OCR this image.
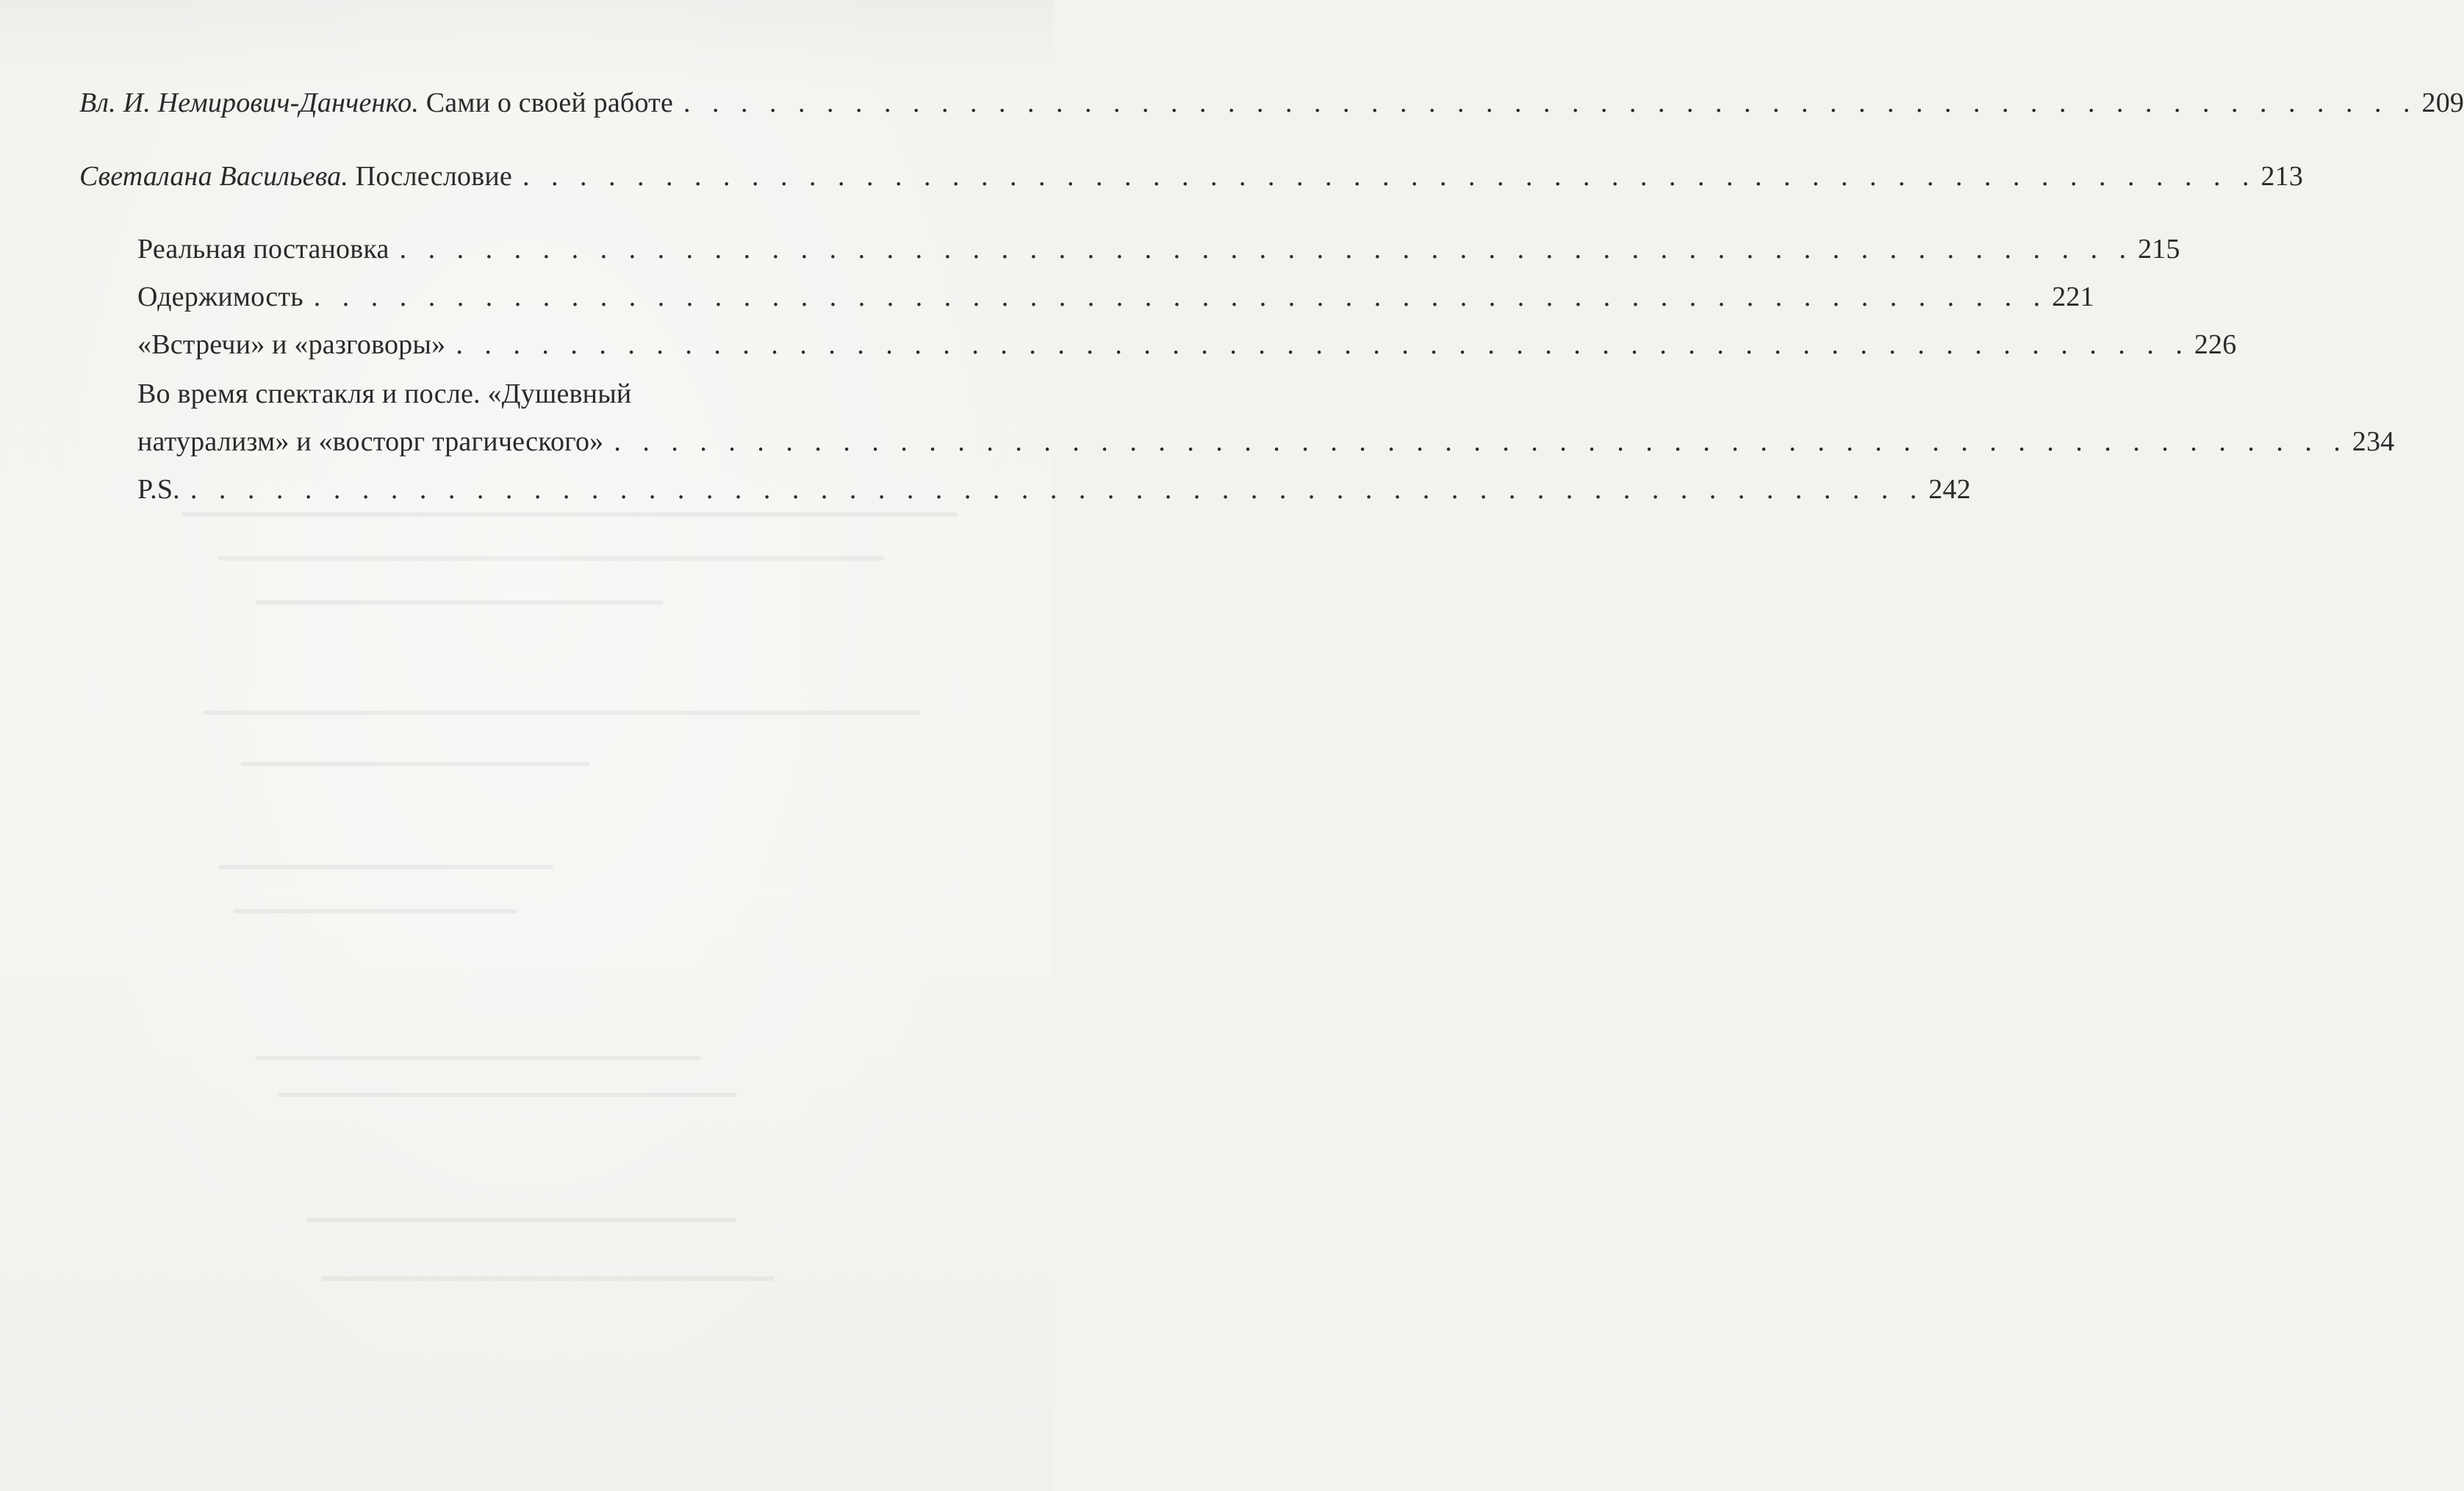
Вл. И. Немирович-Данченко. Сами о своей работе . . . . . . . . . . . . . . . . . . . . . . . . . . . . . . . . . . . . . . . . . . . . . . . . . . . . . . . . . . . . . 209
Светалана Васильева. Послесловие . . . . . . . . . . . . . . . . . . . . . . . . . . . . . . . . . . . . . . . . . . . . . . . . . . . . . . . . . . . . . 213
Реальная постановка . . . . . . . . . . . . . . . . . . . . . . . . . . . . . . . . . . . . . . . . . . . . . . . . . . . . . . . . . . . . . 215
Одержимость . . . . . . . . . . . . . . . . . . . . . . . . . . . . . . . . . . . . . . . . . . . . . . . . . . . . . . . . . . . . . 221
«Встречи» и «разговоры» . . . . . . . . . . . . . . . . . . . . . . . . . . . . . . . . . . . . . . . . . . . . . . . . . . . . . . . . . . . . . 226
Во время спектакля и после. «Душевный
натурализм» и «восторг трагического» . . . . . . . . . . . . . . . . . . . . . . . . . . . . . . . . . . . . . . . . . . . . . . . . . . . . . . . . . . . . . 234
P.S. . . . . . . . . . . . . . . . . . . . . . . . . . . . . . . . . . . . . . . . . . . . . . . . . . . . . . . . . . . . . . 242
